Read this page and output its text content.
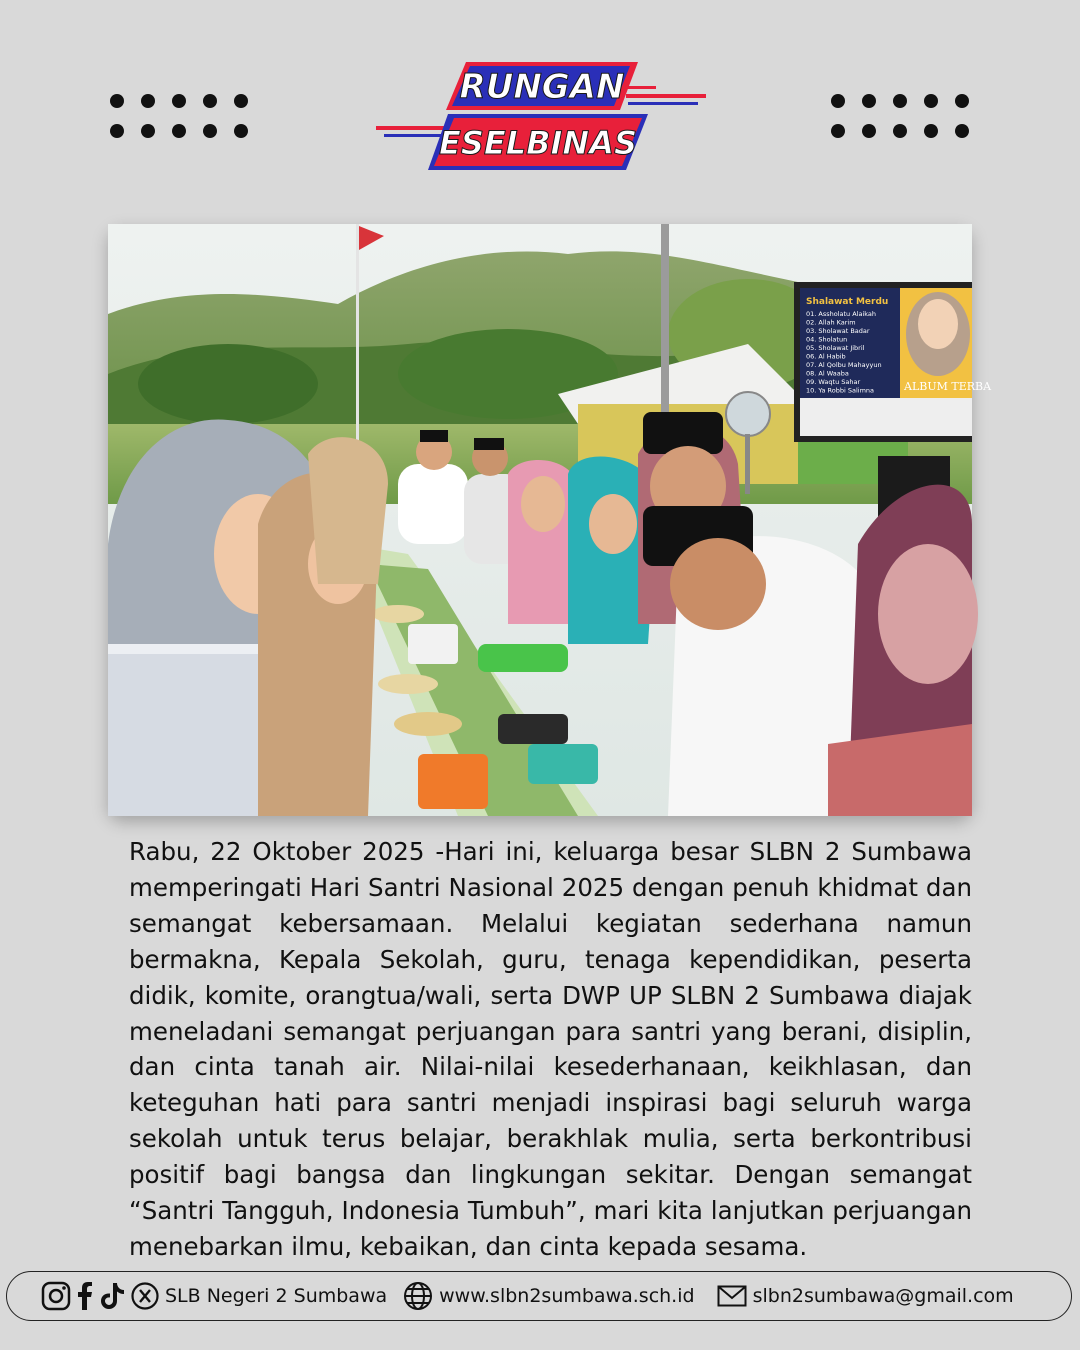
RUNGAN
ESELBINAS
Shalawat Merdu
01. Assholatu Alaikah
02. Allah Karim
03. Sholawat Badar
04. Sholatun
05. Sholawat Jibril
06. Al Habib
07. Al Qolbu Mahayyun
08. Al Waaba
09. Waqtu Sahar
10. Ya Robbi Salimna	ALBUM TERBA

Rabu, 22 Oktober 2025 -Hari ini, keluarga besar SLBN 2 Sumbawa memperingati Hari Santri Nasional 2025 dengan penuh khidmat dan semangat kebersamaan. Melalui kegiatan sederhana namun bermakna, Kepala Sekolah, guru, tenaga kependidikan, peserta didik, komite, orangtua/wali, serta DWP UP SLBN 2 Sumbawa diajak meneladani semangat perjuangan para santri yang berani, disiplin, dan cinta tanah air. Nilai-nilai kesederhanaan, keikhlasan, dan keteguhan hati para santri menjadi inspirasi bagi seluruh warga sekolah untuk terus belajar, berakhlak mulia, serta berkontribusi positif bagi bangsa dan lingkungan sekitar. Dengan semangat “Santri Tangguh, Indonesia Tumbuh”, mari kita lanjutkan perjuangan menebarkan ilmu, kebaikan, dan cinta kepada sesama.

SLB Negeri 2 Sumbawa	www.slbn2sumbawa.sch.id	slbn2sumbawa@gmail.com
